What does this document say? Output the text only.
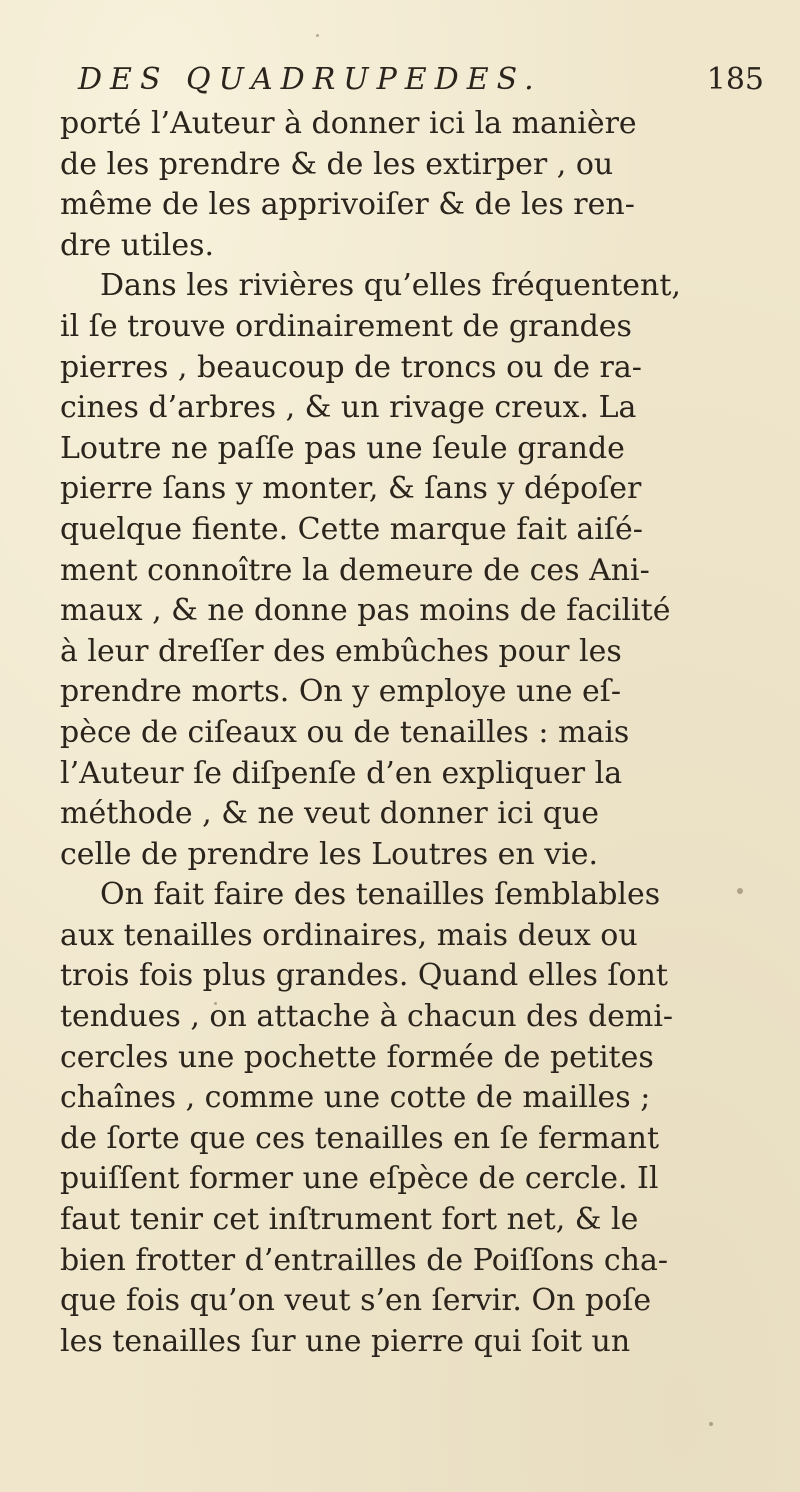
DES QUADRUPEDES.	185
porté l’Auteur à donner ici la manière
de les prendre & de les extirper , ou
même de les apprivoiſer & de les ren-
dre utiles.
Dans les rivières qu’elles fréquentent,
il ſe trouve ordinairement de grandes
pierres , beaucoup de troncs ou de ra-
cines d’arbres , & un rivage creux. La
Loutre ne paſſe pas une ſeule grande
pierre ſans y monter, & ſans y dépoſer
quelque fiente. Cette marque fait aiſé-
ment connoître la demeure de ces Ani-
maux , & ne donne pas moins de facilité
à leur dreſſer des embûches pour les
prendre morts. On y employe une eſ-
pèce de ciſeaux ou de tenailles : mais
l’Auteur ſe diſpenſe d’en expliquer la
méthode , & ne veut donner ici que
celle de prendre les Loutres en vie.
On fait faire des tenailles ſemblables
aux tenailles ordinaires, mais deux ou
trois fois plus grandes. Quand elles ſont
tendues , on attache à chacun des demi-
cercles une pochette formée de petites
chaînes , comme une cotte de mailles ;
de ſorte que ces tenailles en ſe fermant
puiſſent former une eſpèce de cercle. Il
faut tenir cet inſtrument fort net, & le
bien frotter d’entrailles de Poiſſons cha-
que fois qu’on veut s’en ſervir. On poſe
les tenailles ſur une pierre qui ſoit un
